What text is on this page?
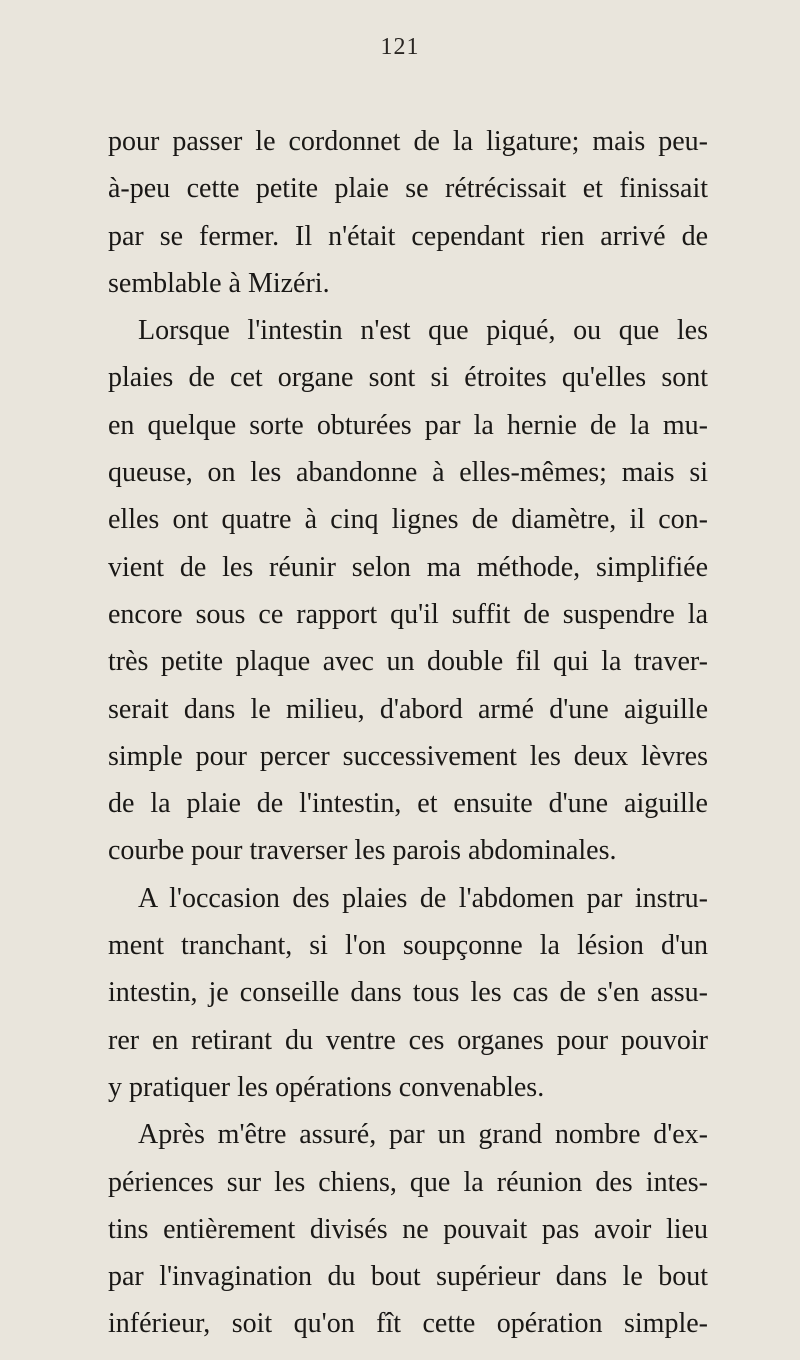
121
pour passer le cordonnet de la ligature; mais peu-
à-peu cette petite plaie se rétrécissait et finissait
par se fermer. Il n'était cependant rien arrivé de
semblable à Mizéri.
Lorsque l'intestin n'est que piqué, ou que les
plaies de cet organe sont si étroites qu'elles sont
en quelque sorte obturées par la hernie de la mu-
queuse, on les abandonne à elles-mêmes; mais si
elles ont quatre à cinq lignes de diamètre, il con-
vient de les réunir selon ma méthode, simplifiée
encore sous ce rapport qu'il suffit de suspendre la
très petite plaque avec un double fil qui la traver-
serait dans le milieu, d'abord armé d'une aiguille
simple pour percer successivement les deux lèvres
de la plaie de l'intestin, et ensuite d'une aiguille
courbe pour traverser les parois abdominales.
A l'occasion des plaies de l'abdomen par instru-
ment tranchant, si l'on soupçonne la lésion d'un
intestin, je conseille dans tous les cas de s'en assu-
rer en retirant du ventre ces organes pour pouvoir
y pratiquer les opérations convenables.
Après m'être assuré, par un grand nombre d'ex-
périences sur les chiens, que la réunion des intes-
tins entièrement divisés ne pouvait pas avoir lieu
par l'invagination du bout supérieur dans le bout
inférieur, soit qu'on fît cette opération simple-
